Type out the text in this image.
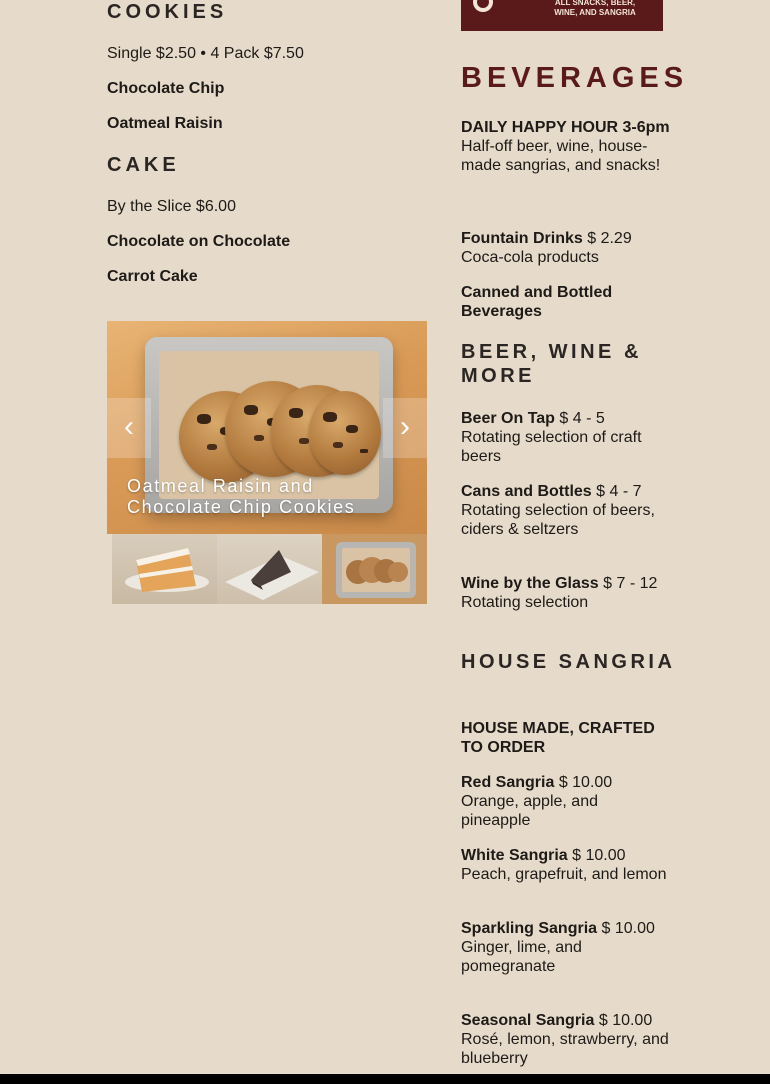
COOKIES
Single $2.50 • 4 Pack $7.50
Chocolate Chip
Oatmeal Raisin
CAKE
By the Slice $6.00
Chocolate on Chocolate
Carrot Cake
‹	›
Oatmeal Raisin and Chocolate Chip Cookies
ALL SNACKS, BEER, WINE, AND SANGRIA
BEVERAGES
DAILY HAPPY HOUR 3-6pm
Half-off beer, wine, house-made sangrias, and snacks!
Fountain Drinks $ 2.29
Coca-cola products
Canned and Bottled Beverages
BEER, WINE & MORE
Beer On Tap $ 4 - 5
Rotating selection of craft beers
Cans and Bottles $ 4 - 7
Rotating selection of beers, ciders & seltzers
Wine by the Glass $ 7 - 12
Rotating selection
HOUSE SANGRIA
HOUSE MADE, CRAFTED TO ORDER
Red Sangria $ 10.00
Orange, apple, and pineapple
White Sangria $ 10.00
Peach, grapefruit, and lemon
Sparkling Sangria $ 10.00
Ginger, lime, and pomegranate
Seasonal Sangria $ 10.00
Rosé, lemon, strawberry, and blueberry
